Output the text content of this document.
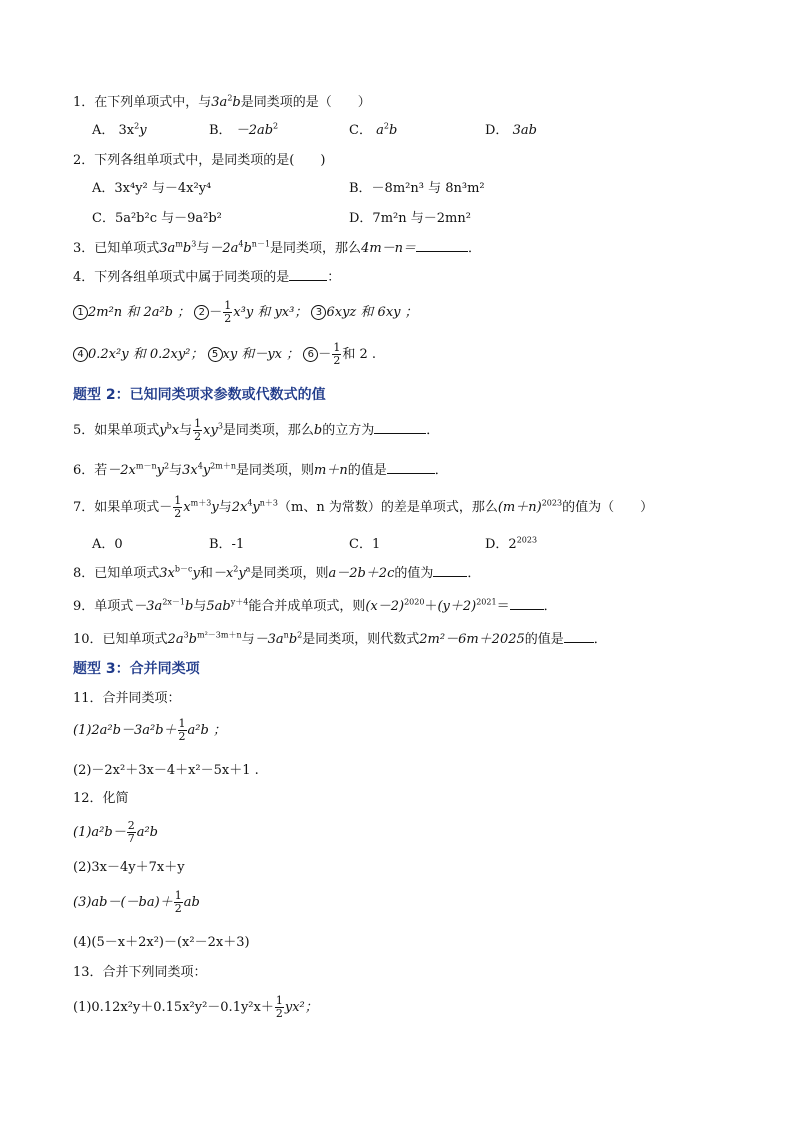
1．在下列单项式中，与$3a^2b$是同类项的是（　　）
A． $3x^2y$	B． $-2ab^2$	C． $a^2b$	D． 3ab
2．下列各组单项式中，是同类项的是(　　)
A．3x⁴y² 与－4x²y⁴	B．－8m²n³ 与 8n³m²
C．5a²b²c 与－9a²b²	D．7m²n 与－2mn²
3．已知单项式$3a^mb^3$与$-2a^4b^{n-1}$是同类项，那么4m－n＝	．
4．下列各组单项式中属于同类项的是	：
1 2m²n 和 2a²b ； $2 - \frac{1}{2} x^3y$ 和 yx³； 3 6xyz 和 6xy ；
4 0.2x²y 和 0.2xy²； 5 xy 和－yx ； $6 - \frac{1}{2}$ 和 2 .
题型 2：已知同类项求参数或代数式的值
5．如果单项式$y^bx$与 $\frac{1}{2} xy^3$是同类项，那么b的立方为	．
6．若$-2x^{m-n}y^2$与$3x^4y^{2m+n}$是同类项，则m＋n的值是	．
7．如果单项式－ $\frac{1}{2} x^{m+3}y$与$2x^4y^{n+3}(m$、n 为常数）的差是单项式，那么$(m+n)^{2023}$的值为（　　）
A．0	B．-1	C．1	D．$2^{2023}$
8．已知单项式$3x^{b-c}y$和$-x^2y^a$是同类项，则a－2b＋2c的值为	．
9．单项式$-3a^{2x-1}b$与$5ab^{y+4}$能合并成单项式，则$(x-2)^{2020}+(y+2)^{2021}=$	．
10．已知单项式$2a^3b^{m^2-3m+n}$与$-3a^nb^2$是同类项，则代数式2m²－6m＋2025的值是 ．
题型 3：合并同类项
11．合并同类项：
$(1)2a^2b-3a^2b+ \frac{1}{2} a^2b$ ；
(2)－2x²＋3x－4＋x²－5x＋1 .
12．化简
$(1)a^2b- \frac{2}{7} a^2b$
(2)3x－4y＋7x＋y
$(3)ab-(-ba)+ \frac{1}{2}$ ab
(4)(5－x＋2x²)－(x²－2x＋3)
13．合并下列同类项：
$(1)0.12x^2y+0.15x^2y^2-0.1y^2x+ \frac{1}{2} yx^2$；
